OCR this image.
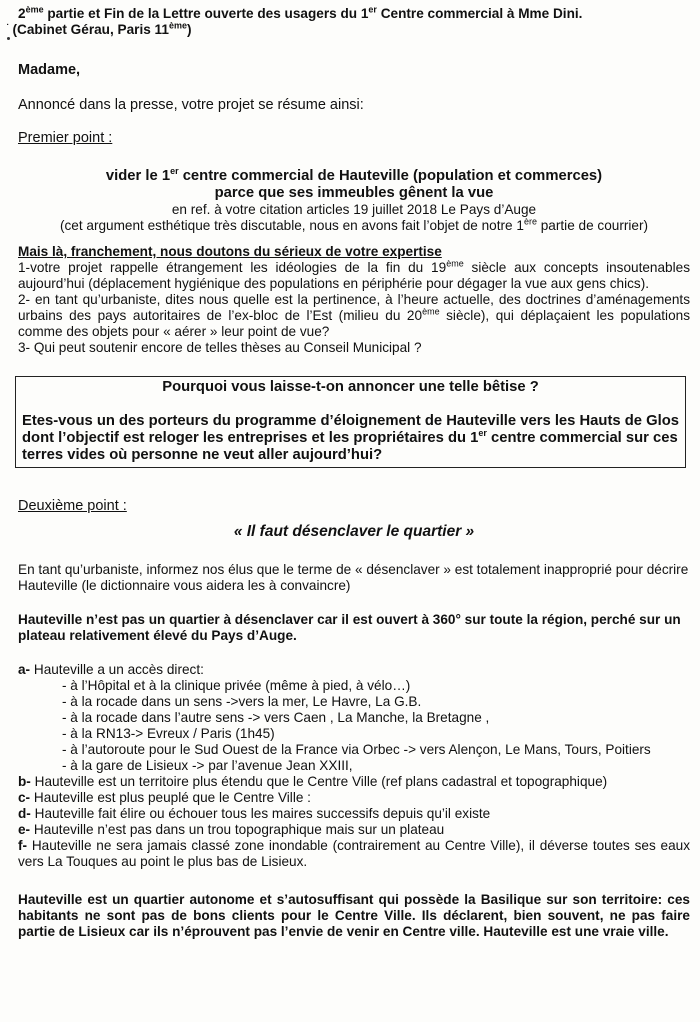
2ème partie et Fin de la Lettre ouverte des usagers du 1er Centre commercial à Mme Dini.

˙ (Cabinet Gérau, Paris 11ème)

Madame,

Annoncé dans la presse, votre projet se résume ainsi:

Premier point :

vider le 1er centre commercial de Hauteville (population et commerces)
parce que ses immeubles gênent la vue

en ref. à votre citation articles 19 juillet 2018 Le Pays d’Auge

(cet argument esthétique très discutable, nous en avons fait l’objet de notre 1ère partie de courrier)

Mais là, franchement, nous doutons du sérieux de votre expertise

1-votre projet rappelle étrangement les idéologies de la fin du 19ème siècle aux concepts insoutenables aujourd’hui (déplacement hygiénique des populations en périphérie pour dégager la vue aux gens chics).

2- en tant qu’urbaniste, dites nous quelle est la pertinence, à l’heure actuelle, des doctrines d’aménagements urbains des pays autoritaires de l’ex-bloc de l’Est (milieu du 20ème siècle), qui déplaçaient les populations comme des objets pour « aérer » leur point de vue?

3- Qui peut soutenir encore de telles thèses au Conseil Municipal ?

Pourquoi vous laisse-t-on annoncer une telle bêtise ?

Etes-vous un des porteurs du programme d’éloignement de Hauteville vers les Hauts de Glos dont l’objectif est reloger les entreprises et les propriétaires du 1er centre commercial sur ces terres vides où personne ne veut aller aujourd’hui?

Deuxième point :

« Il faut désenclaver le quartier »

En tant qu’urbaniste, informez nos élus que le terme de « désenclaver » est totalement inapproprié pour décrire Hauteville (le dictionnaire vous aidera les à convaincre)

Hauteville n’est pas un quartier à désenclaver car il est ouvert à 360° sur toute la région, perché sur un plateau relativement élevé du Pays d’Auge.

a- Hauteville a un accès direct:

- à l’Hôpital et à la clinique privée (même à pied, à vélo…)

- à la rocade dans un sens ->vers la mer, Le Havre, La G.B.

- à la rocade dans l’autre sens -> vers Caen , La Manche, la Bretagne ,

- à la RN13-> Evreux / Paris (1h45)

- à l’autoroute pour le Sud Ouest de la France via Orbec -> vers Alençon, Le Mans, Tours, Poitiers

- à la gare de Lisieux -> par l’avenue Jean XXIII,

b- Hauteville est un territoire plus étendu que le Centre Ville (ref plans cadastral et topographique)

c- Hauteville est plus peuplé que le Centre Ville :

d- Hauteville fait élire ou échouer tous les maires successifs depuis qu’il existe

e- Hauteville n’est pas dans un trou topographique mais sur un plateau

f- Hauteville ne sera jamais classé zone inondable (contrairement au Centre Ville), il déverse toutes ses eaux vers La Touques au point le plus bas de Lisieux.

Hauteville est un quartier autonome et s’autosuffisant qui possède la Basilique sur son territoire: ces habitants ne sont pas de bons clients pour le Centre Ville. Ils déclarent, bien souvent, ne pas faire partie de Lisieux car ils n’éprouvent pas l’envie de venir en Centre ville. Hauteville est une vraie ville.
